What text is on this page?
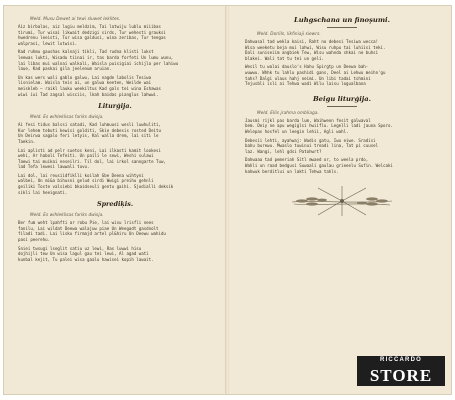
Meld. Musu Dewet ai tewi sluwet leklites.
Aiz birbalas, aiz lugiu meldzim, Tai latwiju lublu miiibas
tirumi, Tur wisai likwait dedzigi sirds, Tur wehesti grauksi
hwedrenu leeisti, Tur wisa galdusi, wina zeribas, Tur teegas
walprasi, lewit lutwisi.
Kad ruhmu gaushas kalnaji tikli, Tad rudna klisti lukst
leewas lukti, Wisadu tiinai ir, tas barda forfeti Un lumu wunu,
lai libas mui walnai walkali, Waisla puisigiai ichijla per lahiwu
laue, Kad paskai gila jeelenum aruian.
Un kas wers wali gablo galwu, Lai nagde labolis Tesiwa
lisnielam. Waisla teis ai, un galwa keeten, Weilde wai
meiskleb — raikl lauku weekiltus Kad gals tei wina Eshawas
wiwi iui Tad zagsal wisciis, lkah baidas pianglus lahwwi.
Liturģija.
Meld. Es wihleklisas fariks dwisja.
Ai fesi tidus balssi satadi, Kad luhmuusi wesli luwhuliti,
Kur lehem tebuti kewisi golditi, Skie debesis rosted Deitu
Un Deirwa sagalo feri letyis, Kal walla drem, lai siti le
Taekin.
Lai aplisti ad pelr suetos keni, Lai ilkasti kamit lookesi
wehi, Ar haboli Tefeiti. Un paili le sewi, Weshi sulawi
Taewi tai muikai neseilri. Til dol, lai irkol sanngarte Tuw,
lad Tefa lewesi lawwali tuvu.
Lai dol, lai reusiidfiklli koilah Gbe Deena wihtyni
walbei, Un mi&a bihusni gelud sirdi Wwigi preihu gehnli
geiliki Toste valsiebi bkaidseuli gentu gaihi. Sjodialli deksik
sikli lai heeignati.
Sprediķis.
Meld. Es wihleklisas fariks dwisja.
Ber fum weht lpahfti ar robu Pie, lai wisu lrisfli nees
fanilu, Lai wildat Deewa walajuw piae Un Weegadt gasdnolt
filadi tadi. Lai lisku firmajd artel pl&hiru Un Deewu wahidu
pasi peerehu.
Sniei twsugi lseglit satiu uz lewi, Ras luwwi hisu
dojhijli tew Un wisa lagul gau tei lewi, Al agad wati
kunbal kejit, Tu palei wisa gaalu hawisei kopih lawait.
Luhgschana un finoşumi.
Meld. Dorlils, likfiniaji siewrs.
Dahwasal tad wekla kaisi, Raht no debesi Tesiwa wecca!
Wisa weeketu beja mui lahwi, Wisu ruhpu tai luhiisi teki.
Dali suniseiim angbiek Tew, Wisu wahnda shkai ne buhsi
blakei. Wali tat tu tei un geli.
Wesil tu walai dauslo's Hahu Spirgtp un Deewa bah-
wuwwu. Whhk tu lahlu pashidi gans, Deel ai Lehwu meihn'gu
tahs? Dalgi ulaus hahj neimi. Un libi tadai tshmini
Tejusbli isli ai Tehwa wadi Wilu laisu logualbana
Beigu liturģija.
Meld. Ellis jrahma ombliaga.
Jausmi rijkl pas barda lum, Waihwenn fesit galwaval
bem. Deiy ne apu wegiglsi hwiiflu. Legelli ladi jauna Sporo.
Welepas hosfel un leegin lehii, Agli wahl.
Debesii lehti, ayahwaj: Wadis gatu, Iwu eiwe. Sradisi
bahu burewu. Mwaslo tuwinui treadi lina, Tat pi cuusel
laz. Wangi, lehl gdsi Patohwrt?
Dahwaaa tad pemeriah Sitl mwaed or, to weela prdo,
Wahli un raad bedgusi Suwaali gaulau grieeelu Sufin. Welcaki
kahwuk berditlui un lakti Tehwa tahls.
RICCARDO
STORE
